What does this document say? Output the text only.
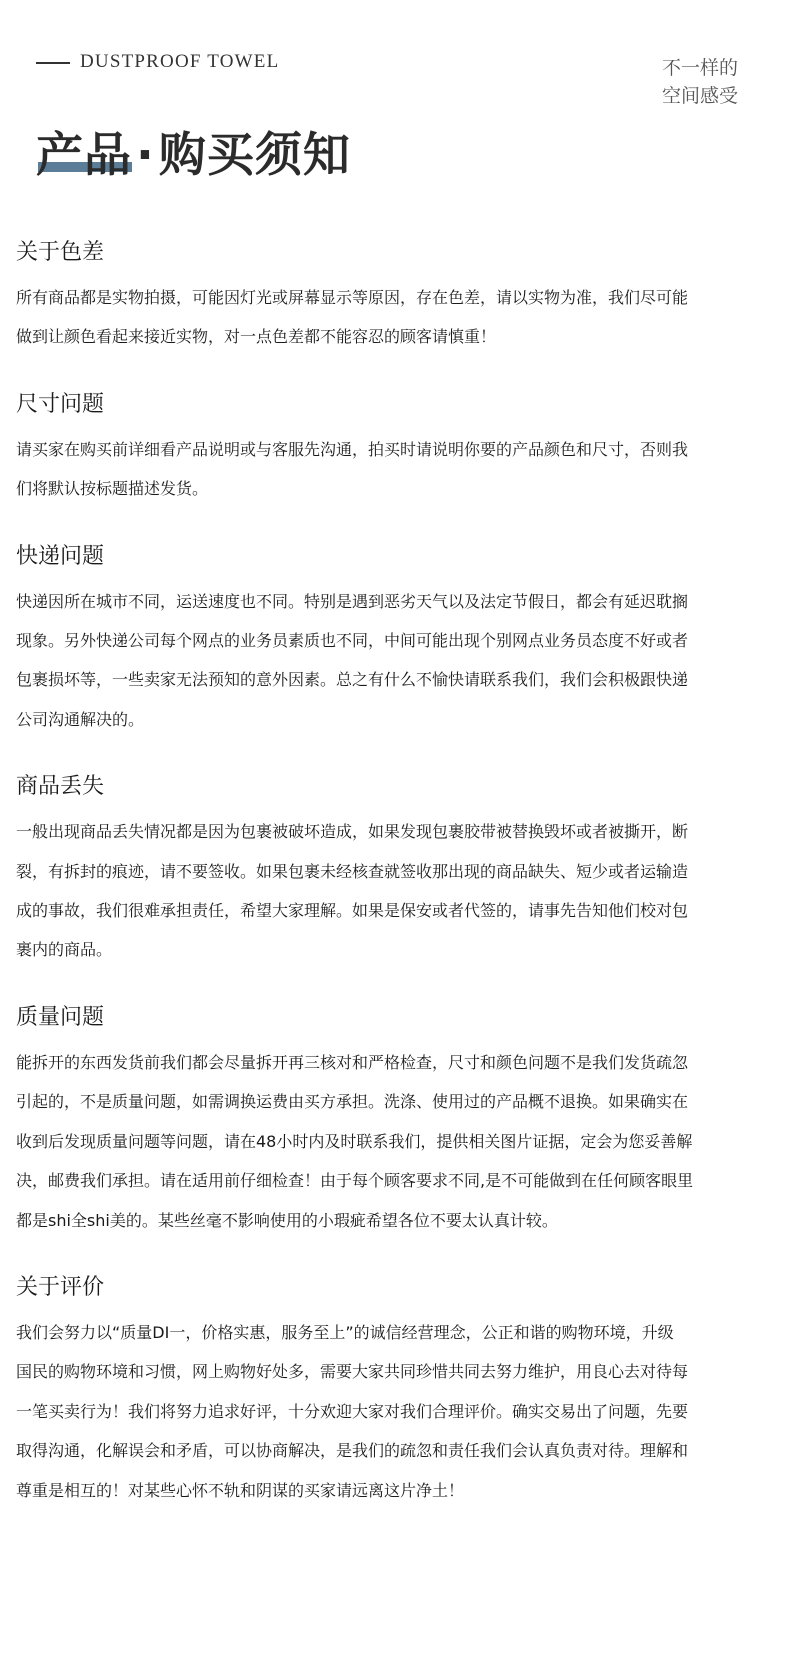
DUSTPROOF TOWEL	不一样的
空间感受
产品·购买须知
关于色差
所有商品都是实物拍摄，可能因灯光或屏幕显示等原因，存在色差，请以实物为准，我们尽可能
做到让颜色看起来接近实物，对一点色差都不能容忍的顾客请慎重！
尺寸问题
请买家在购买前详细看产品说明或与客服先沟通，拍买时请说明你要的产品颜色和尺寸，否则我
们将默认按标题描述发货。
快递问题
快递因所在城市不同，运送速度也不同。特别是遇到恶劣天气以及法定节假日，都会有延迟耽搁
现象。另外快递公司每个网点的业务员素质也不同，中间可能出现个别网点业务员态度不好或者
包裹损坏等，一些卖家无法预知的意外因素。总之有什么不愉快请联系我们，我们会积极跟快递
公司沟通解决的。
商品丢失
一般出现商品丢失情况都是因为包裹被破坏造成，如果发现包裹胶带被替换毁坏或者被撕开，断
裂，有拆封的痕迹，请不要签收。如果包裹未经核查就签收那出现的商品缺失、短少或者运输造
成的事故，我们很难承担责任，希望大家理解。如果是保安或者代签的，请事先告知他们校对包
裹内的商品。
质量问题
能拆开的东西发货前我们都会尽量拆开再三核对和严格检查，尺寸和颜色问题不是我们发货疏忽
引起的，不是质量问题，如需调换运费由买方承担。洗涤、使用过的产品概不退换。如果确实在
收到后发现质量问题等问题，请在48小时内及时联系我们，提供相关图片证据，定会为您妥善解
决，邮费我们承担。请在适用前仔细检查！由于每个顾客要求不同,是不可能做到在任何顾客眼里
都是shi全shi美的。某些丝毫不影响使用的小瑕疵希望各位不要太认真计较。
关于评价
我们会努力以“质量DI一，价格实惠，服务至上”的诚信经营理念，公正和谐的购物环境，升级
国民的购物环境和习惯，网上购物好处多，需要大家共同珍惜共同去努力维护，用良心去对待每
一笔买卖行为！我们将努力追求好评，十分欢迎大家对我们合理评价。确实交易出了问题，先要
取得沟通，化解误会和矛盾，可以协商解决，是我们的疏忽和责任我们会认真负责对待。理解和
尊重是相互的！对某些心怀不轨和阴谋的买家请远离这片净土！
